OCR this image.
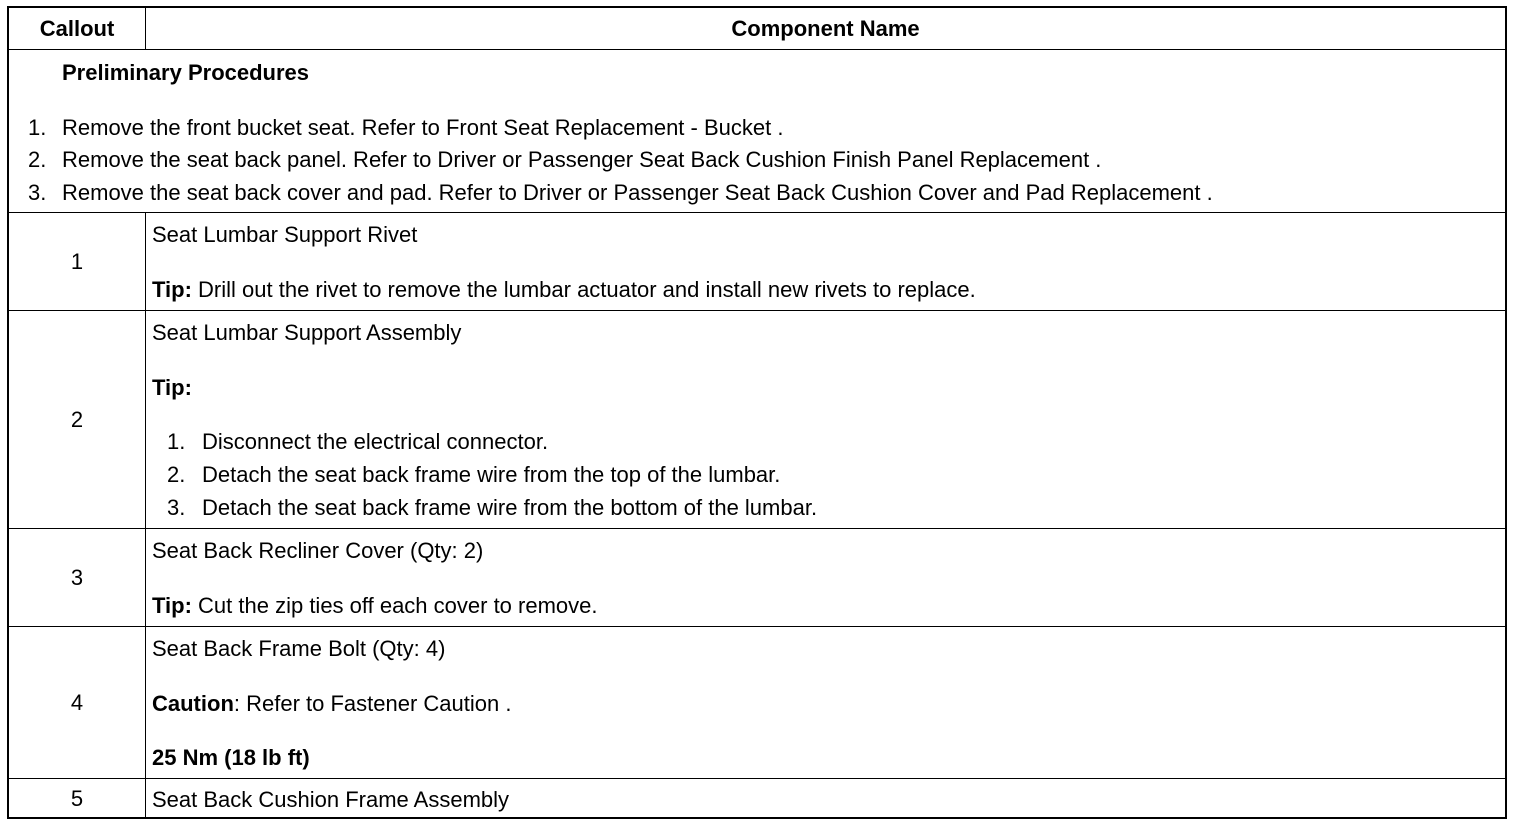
Callout	Component Name
Preliminary Procedures
1. Remove the front bucket seat. Refer to Front Seat Replacement - Bucket .
2. Remove the seat back panel. Refer to Driver or Passenger Seat Back Cushion Finish Panel Replacement .
3. Remove the seat back cover and pad. Refer to Driver or Passenger Seat Back Cushion Cover and Pad Replacement .
1
Seat Lumbar Support Rivet
Tip: Drill out the rivet to remove the lumbar actuator and install new rivets to replace.
2
Seat Lumbar Support Assembly
Tip:
1. Disconnect the electrical connector.
2. Detach the seat back frame wire from the top of the lumbar.
3. Detach the seat back frame wire from the bottom of the lumbar.
3
Seat Back Recliner Cover (Qty: 2)
Tip: Cut the zip ties off each cover to remove.
4
Seat Back Frame Bolt (Qty: 4)
Caution: Refer to Fastener Caution .
25 Nm (18 lb ft)
5	Seat Back Cushion Frame Assembly
